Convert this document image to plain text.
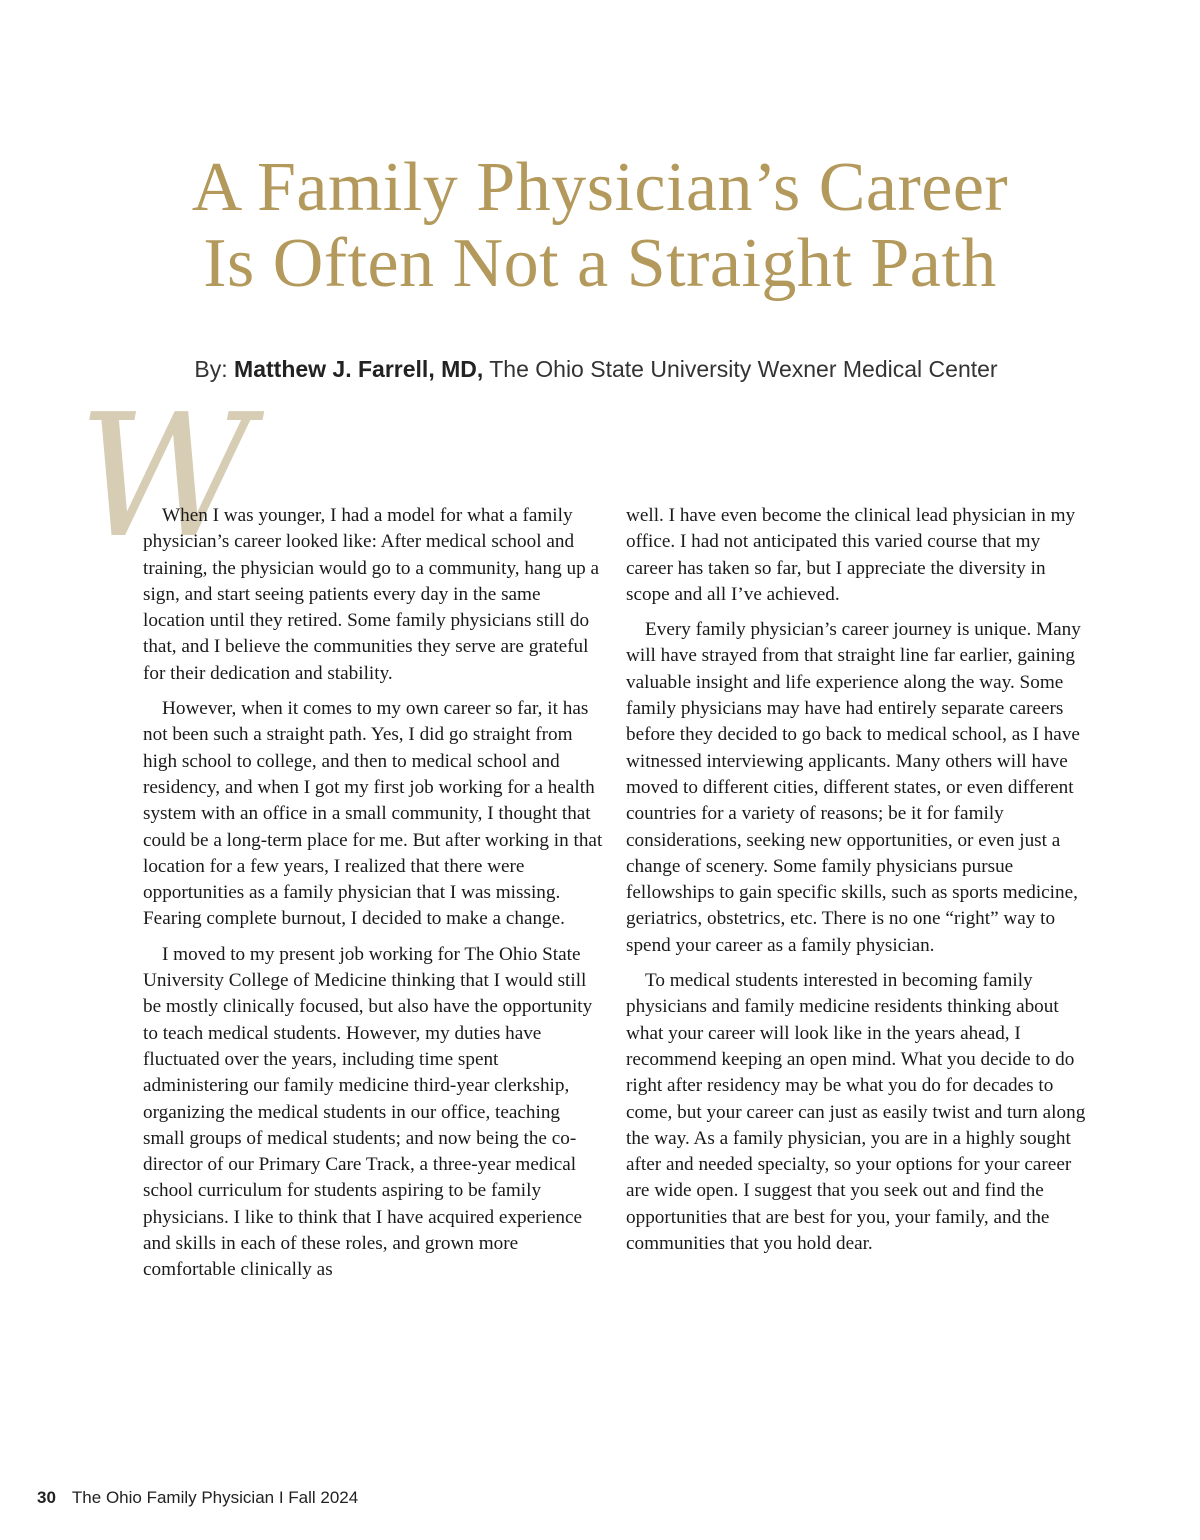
A Family Physician’s Career
Is Often Not a Straight Path
By: Matthew J. Farrell, MD, The Ohio State University Wexner Medical Center
W

When I was younger, I had a model for what a family physician’s career looked like: After medical school and training, the physician would go to a community, hang up a sign, and start seeing patients every day in the same location until they retired. Some family physicians still do that, and I believe the communities they serve are grateful for their dedication and stability.

However, when it comes to my own career so far, it has not been such a straight path. Yes, I did go straight from high school to college, and then to medical school and residency, and when I got my first job working for a health system with an office in a small community, I thought that could be a long-term place for me. But after working in that location for a few years, I realized that there were opportunities as a family physician that I was missing. Fearing complete burnout, I decided to make a change.

I moved to my present job working for The Ohio State University College of Medicine thinking that I would still be mostly clinically focused, but also have the opportunity to teach medical students. However, my duties have fluctuated over the years, including time spent administering our family medicine third-year clerkship, organizing the medical students in our office, teaching small groups of medical students; and now being the co-director of our Primary Care Track, a three-year medical school curriculum for students aspiring to be family physicians. I like to think that I have acquired experience and skills in each of these roles, and grown more comfortable clinically as

well. I have even become the clinical lead physician in my office. I had not anticipated this varied course that my career has taken so far, but I appreciate the diversity in scope and all I’ve achieved.

Every family physician’s career journey is unique. Many will have strayed from that straight line far earlier, gaining valuable insight and life experience along the way. Some family physicians may have had entirely separate careers before they decided to go back to medical school, as I have witnessed interviewing applicants. Many others will have moved to different cities, different states, or even different countries for a variety of reasons; be it for family considerations, seeking new opportunities, or even just a change of scenery. Some family physicians pursue fellowships to gain specific skills, such as sports medicine, geriatrics, obstetrics, etc. There is no one “right” way to spend your career as a family physician.

To medical students interested in becoming family physicians and family medicine residents thinking about what your career will look like in the years ahead, I recommend keeping an open mind. What you decide to do right after residency may be what you do for decades to come, but your career can just as easily twist and turn along the way. As a family physician, you are in a highly sought after and needed specialty, so your options for your career are wide open. I suggest that you seek out and find the opportunities that are best for you, your family, and the communities that you hold dear.

30 The Ohio Family Physician I Fall 2024
